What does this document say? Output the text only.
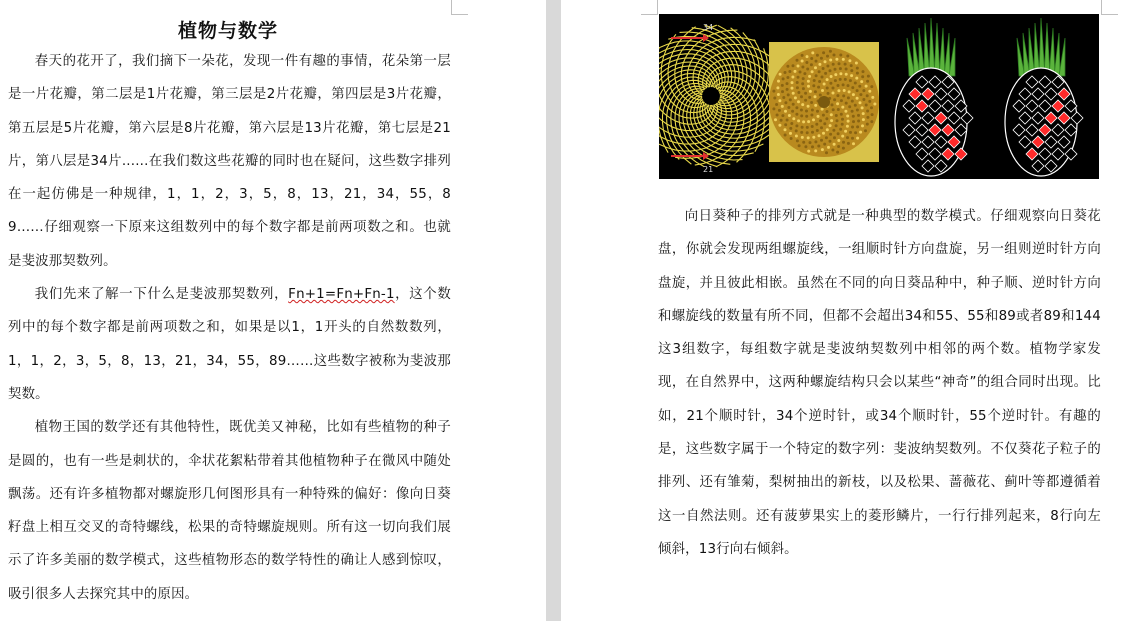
植物与数学

春天的花开了，我们摘下一朵花，发现一件有趣的事情，花朵第一层是一片花瓣，第二层是1片花瓣，第三层是2片花瓣，第四层是3片花瓣，第五层是5片花瓣，第六层是8片花瓣，第六层是13片花瓣，第七层是21片，第八层是34片......在我们数这些花瓣的同时也在疑问，这些数字排列在一起仿佛是一种规律，1，1，2，3，5，8，13，21，34，55，89……仔细观察一下原来这组数列中的每个数字都是前两项数之和。也就是斐波那契数列。

我们先来了解一下什么是斐波那契数列，Fn+1=Fn+Fn-1，这个数列中的每个数字都是前两项数之和，如果是以1，1开头的自然数数列，1，1，2，3，5，8，13，21，34，55，89……这些数字被称为斐波那契数。

植物王国的数学还有其他特性，既优美又神秘，比如有些植物的种子是圆的，也有一些是刺状的，伞状花絮粘带着其他植物种子在微风中随处飘荡。还有许多植物都对螺旋形几何图形具有一种特殊的偏好：像向日葵籽盘上相互交叉的奇特螺线，松果的奇特螺旋规则。所有这一切向我们展示了许多美丽的数学模式，这些植物形态的数学特性的确让人感到惊叹，吸引很多人去探究其中的原因。

34
21

向日葵种子的排列方式就是一种典型的数学模式。仔细观察向日葵花盘，你就会发现两组螺旋线，一组顺时针方向盘旋，另一组则逆时针方向盘旋，并且彼此相嵌。虽然在不同的向日葵品种中，种子顺、逆时针方向和螺旋线的数量有所不同，但都不会超出34和55、55和89或者89和144这3组数字，每组数字就是斐波纳契数列中相邻的两个数。植物学家发现，在自然界中，这两种螺旋结构只会以某些“神奇”的组合同时出现。比如，21个顺时针，34个逆时针，或34个顺时针，55个逆时针。有趣的是，这些数字属于一个特定的数字列：斐波纳契数列。不仅葵花子粒子的排列、还有雏菊，梨树抽出的新枝，以及松果、蔷薇花、蓟叶等都遵循着这一自然法则。还有菠萝果实上的菱形鳞片，一行行排列起来，8行向左倾斜，13行向右倾斜。
